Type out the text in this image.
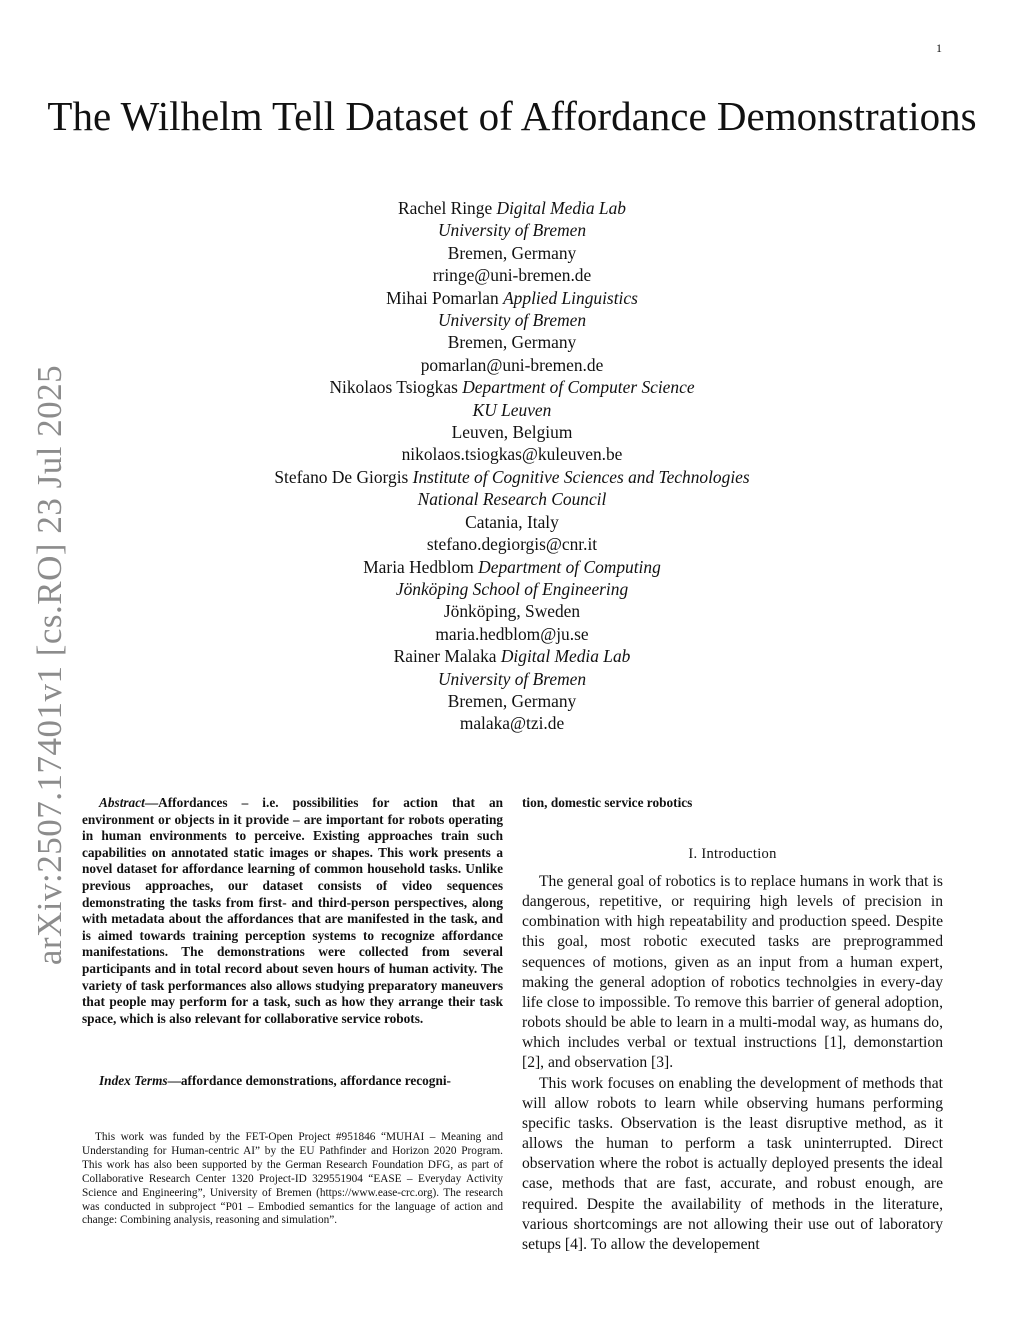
1
arXiv:2507.17401v1 [cs.RO] 23 Jul 2025
The Wilhelm Tell Dataset of Affordance Demonstrations
Rachel Ringe Digital Media Lab
University of Bremen
Bremen, Germany
rringe@uni-bremen.de
Mihai Pomarlan Applied Linguistics
University of Bremen
Bremen, Germany
pomarlan@uni-bremen.de
Nikolaos Tsiogkas Department of Computer Science
KU Leuven
Leuven, Belgium
nikolaos.tsiogkas@kuleuven.be
Stefano De Giorgis Institute of Cognitive Sciences and Technologies
National Research Council
Catania, Italy
stefano.degiorgis@cnr.it
Maria Hedblom Department of Computing
Jönköping School of Engineering
Jönköping, Sweden
maria.hedblom@ju.se
Rainer Malaka Digital Media Lab
University of Bremen
Bremen, Germany
malaka@tzi.de

Abstract—Affordances – i.e. possibilities for action that an environment or objects in it provide – are important for robots operating in human environments to perceive. Existing approaches train such capabilities on annotated static images or shapes. This work presents a novel dataset for affordance learning of common household tasks. Unlike previous approaches, our dataset consists of video sequences demonstrating the tasks from first- and third-person perspectives, along with metadata about the affordances that are manifested in the task, and is aimed towards training perception systems to recognize affordance manifestations. The demonstrations were collected from several participants and in total record about seven hours of human activity. The variety of task performances also allows studying preparatory maneuvers that people may perform for a task, such as how they arrange their task space, which is also relevant for collaborative service robots.

Index Terms—affordance demonstrations, affordance recogni-

This work was funded by the FET-Open Project #951846 “MUHAI – Meaning and Understanding for Human-centric AI” by the EU Pathfinder and Horizon 2020 Program. This work has also been supported by the German Research Foundation DFG, as part of Collaborative Research Center 1320 Project-ID 329551904 “EASE – Everyday Activity Science and Engineering”, University of Bremen (https://www.ease-crc.org). The research was conducted in subproject “P01 – Embodied semantics for the language of action and change: Combining analysis, reasoning and simulation”.

tion, domestic service robotics

I. Introduction

The general goal of robotics is to replace humans in work that is dangerous, repetitive, or requiring high levels of precision in combination with high repeatability and production speed. Despite this goal, most robotic executed tasks are preprogrammed sequences of motions, given as an input from a human expert, making the general adoption of robotics technolgies in every-day life close to impossible. To remove this barrier of general adoption, robots should be able to learn in a multi-modal way, as humans do, which includes verbal or textual instructions [1], demonstartion [2], and observation [3].

This work focuses on enabling the development of methods that will allow robots to learn while observing humans performing specific tasks. Observation is the least disruptive method, as it allows the human to perform a task uninterrupted. Direct observation where the robot is actually deployed presents the ideal case, methods that are fast, accurate, and robust enough, are required. Despite the availability of methods in the literature, various shortcomings are not allowing their use out of laboratory setups [4]. To allow the developement
